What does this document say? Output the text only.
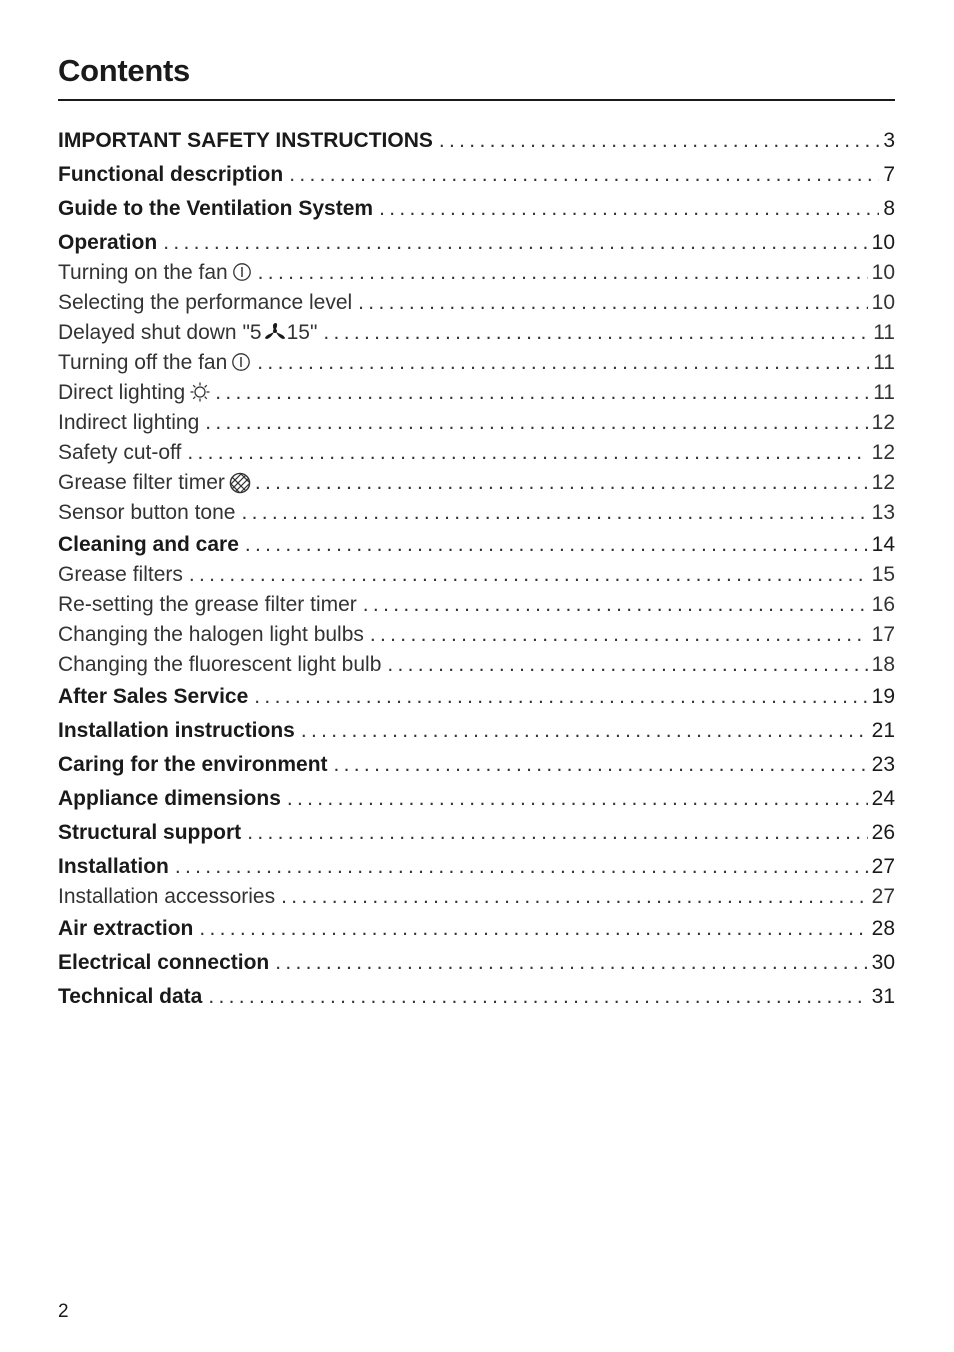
Contents
IMPORTANT SAFETY INSTRUCTIONS .....	3
Functional description .....	7
Guide to the Ventilation System .....	8
Operation .....	10
Turning on the fan .....	10
Selecting the performance level .....	10
Delayed shut down "5 15" .....	11
Turning off the fan .....	11
Direct lighting .....	11
Indirect lighting .....	12
Safety cut-off .....	12
Grease filter timer .....	12
Sensor button tone .....	13
Cleaning and care .....	14
Grease filters .....	15
Re-setting the grease filter timer .....	16
Changing the halogen light bulbs .....	17
Changing the fluorescent light bulb .....	18
After Sales Service .....	19
Installation instructions .....	21
Caring for the environment .....	23
Appliance dimensions .....	24
Structural support .....	26
Installation .....	27
Installation accessories .....	27
Air extraction .....	28
Electrical connection .....	30
Technical data .....	31
2
